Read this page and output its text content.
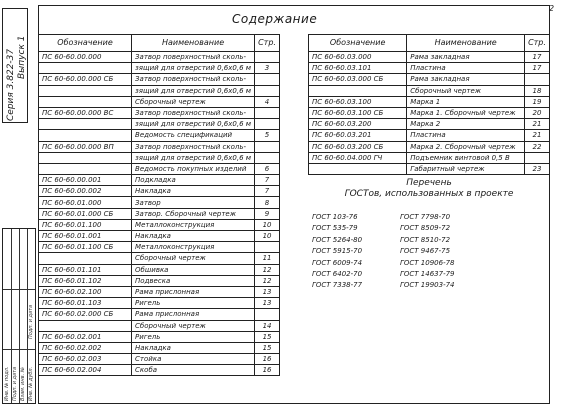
2
Содержание
Серия 3.822-37 Выпуск 1
Инв. № подл. Подп. и дата Взам. инв. № Инв. № дубл.
Подп. и дата
Обозначение	Наименование	Стр.
ПС 60-60.00.000	Затвор поверхностный сколь-	
	зящий для отверстий 0,6х0,6 м	3
ПС 60-60.00.000 СБ	Затвор поверхностный сколь-	
	зящий для отверстий 0,6х0,6 м	
	Сборочный чертеж	4
ПС 60-60.00.000 ВС	Затвор поверхностный сколь-	
	зящий для отверстий 0,6х0,6 м	
	Ведомость спецификаций	5
ПС 60-60.00.000 ВП	Затвор поверхностный сколь-	
	зящий для отверстий 0,6х0,6 м	
	Ведомость покупных изделий	6
ПС 60-60.00.001	Подкладка	7
ПС 60-60.00.002	Накладка	7
ПС 60-60.01.000	Затвор	8
ПС 60-60.01.000 СБ	Затвор. Сборочный чертеж	9
ПС 60-60.01.100	Металлоконструкция	10
ПС 60-60.01.001	Накладка	10
ПС 60-60.01.100 СБ	Металлоконструкция	
	Сборочный чертеж	11
ПС 60-60.01.101	Обшивка	12
ПС 60-60.01.102	Подвеска	12
ПС 60-60.02.100	Рама прислонная	13
ПС 60-60.01.103	Ригель	13
ПС 60-60.02.000 СБ	Рама прислонная	
	Сборочный чертеж	14
ПС 60-60.02.001	Ригель	15
ПС 60-60.02.002	Накладка	15
ПС 60-60.02.003	Стойка	16
ПС 60-60.02.004	Скоба	16
Обозначение	Наименование	Стр.
ПС 60-60.03.000	Рама закладная	17
ПС 60-60.03.101	Пластина	17
ПС 60-60.03.000 СБ	Рама закладная	
	Сборочный чертеж	18
ПС 60-60.03.100	Марка 1	19
ПС 60-60.03.100 СБ	Марка 1. Сборочный чертеж	20
ПС 60-60.03.200	Марка 2	21
ПС 60-60.03.201	Пластина	21
ПС 60-60.03.200 СБ	Марка 2. Сборочный чертеж	22
ПС 60-60.04.000 ГЧ	Подъемник винтовой 0,5 В	
	Габаритный чертеж	23
Перечень
ГОСТов, использованных в проекте
ГОСТ 103-76
ГОСТ 535-79
ГОСТ 5264-80
ГОСТ 5915-70
ГОСТ 6009-74
ГОСТ 6402-70
ГОСТ 7338-77
ГОСТ 7798-70
ГОСТ 8509-72
ГОСТ 8510-72
ГОСТ 9467-75
ГОСТ 10906-78
ГОСТ 14637-79
ГОСТ 19903-74
